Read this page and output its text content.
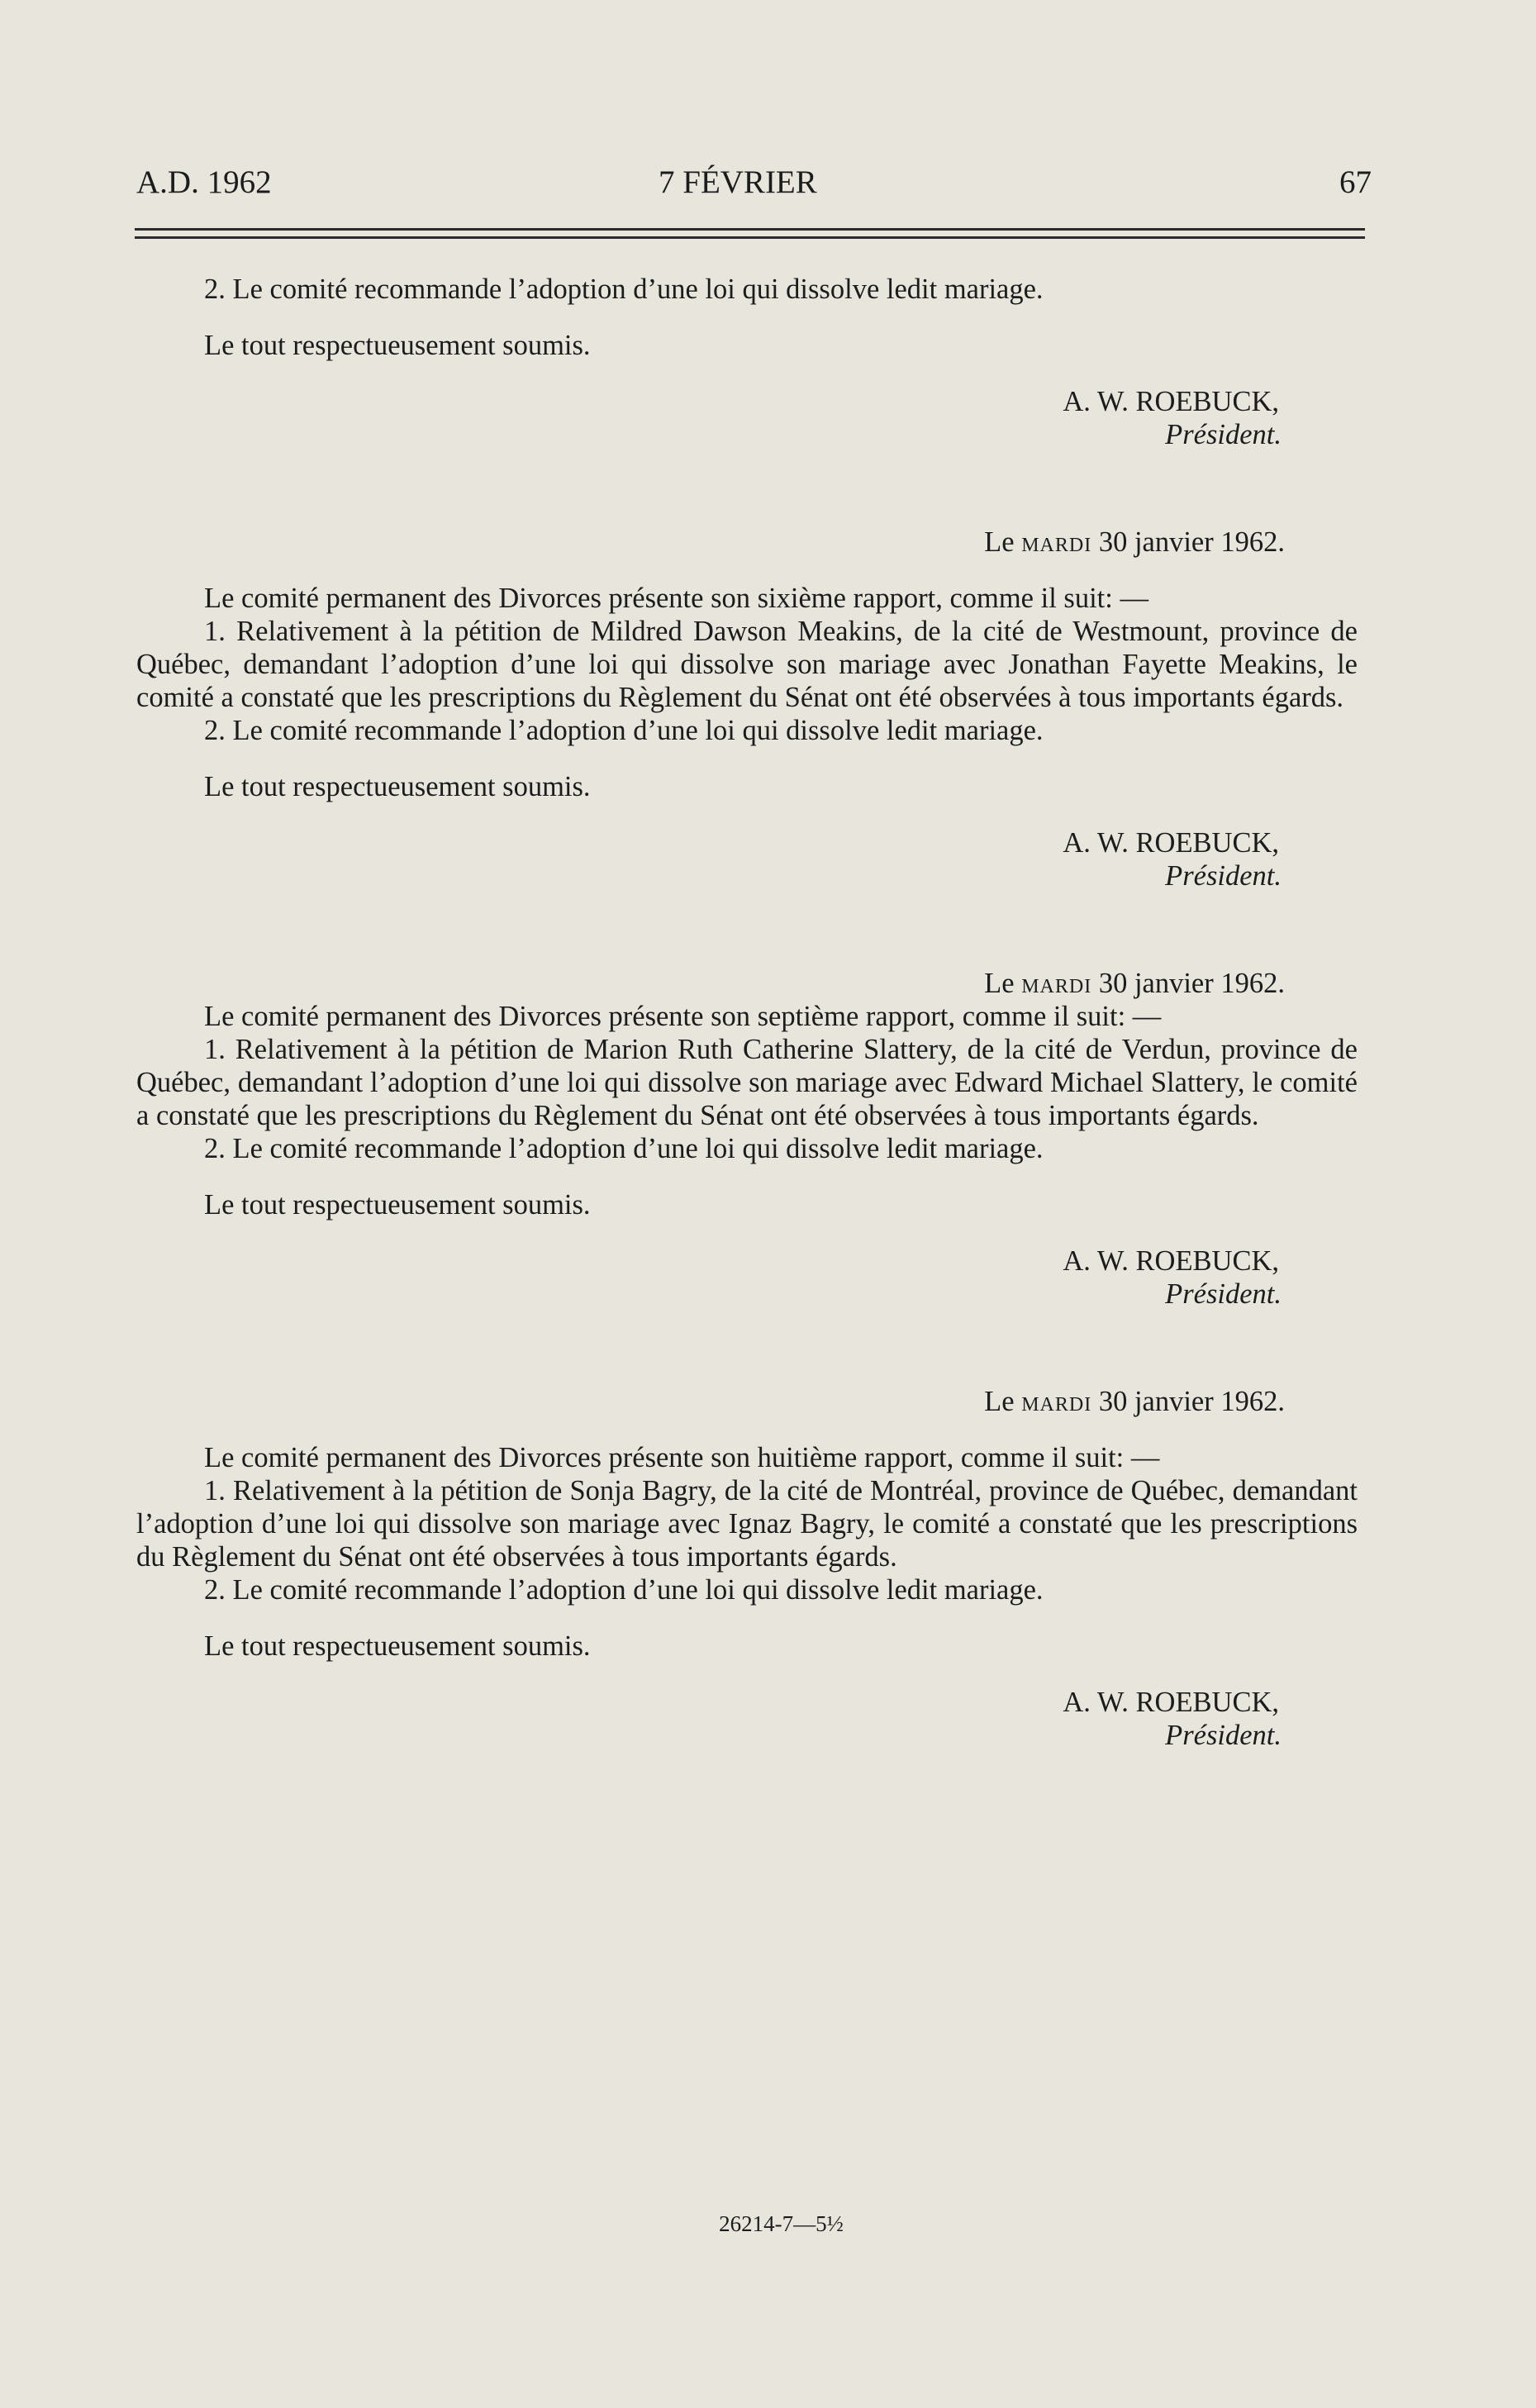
A.D. 1962	7 FÉVRIER	67

2. Le comité recommande l’adoption d’une loi qui dissolve ledit mariage.

Le tout respectueusement soumis.

A. W. ROEBUCK,

Président.

Le mardi 30 janvier 1962.

Le comité permanent des Divorces présente son sixième rapport, comme il suit: —

1. Relativement à la pétition de Mildred Dawson Meakins, de la cité de Westmount, province de Québec, demandant l’adoption d’une loi qui dissolve son mariage avec Jonathan Fayette Meakins, le comité a constaté que les prescriptions du Règlement du Sénat ont été observées à tous importants égards.

2. Le comité recommande l’adoption d’une loi qui dissolve ledit mariage.

Le tout respectueusement soumis.

A. W. ROEBUCK,

Président.

Le mardi 30 janvier 1962.

Le comité permanent des Divorces présente son septième rapport, comme il suit: —

1. Relativement à la pétition de Marion Ruth Catherine Slattery, de la cité de Verdun, province de Québec, demandant l’adoption d’une loi qui dissolve son mariage avec Edward Michael Slattery, le comité a constaté que les prescriptions du Règlement du Sénat ont été observées à tous importants égards.

2. Le comité recommande l’adoption d’une loi qui dissolve ledit mariage.

Le tout respectueusement soumis.

A. W. ROEBUCK,

Président.

Le mardi 30 janvier 1962.

Le comité permanent des Divorces présente son huitième rapport, comme il suit: —

1. Relativement à la pétition de Sonja Bagry, de la cité de Montréal, province de Québec, demandant l’adoption d’une loi qui dissolve son mariage avec Ignaz Bagry, le comité a constaté que les prescriptions du Règlement du Sénat ont été observées à tous importants égards.

2. Le comité recommande l’adoption d’une loi qui dissolve ledit mariage.

Le tout respectueusement soumis.

A. W. ROEBUCK,

Président.

26214-7—5½
